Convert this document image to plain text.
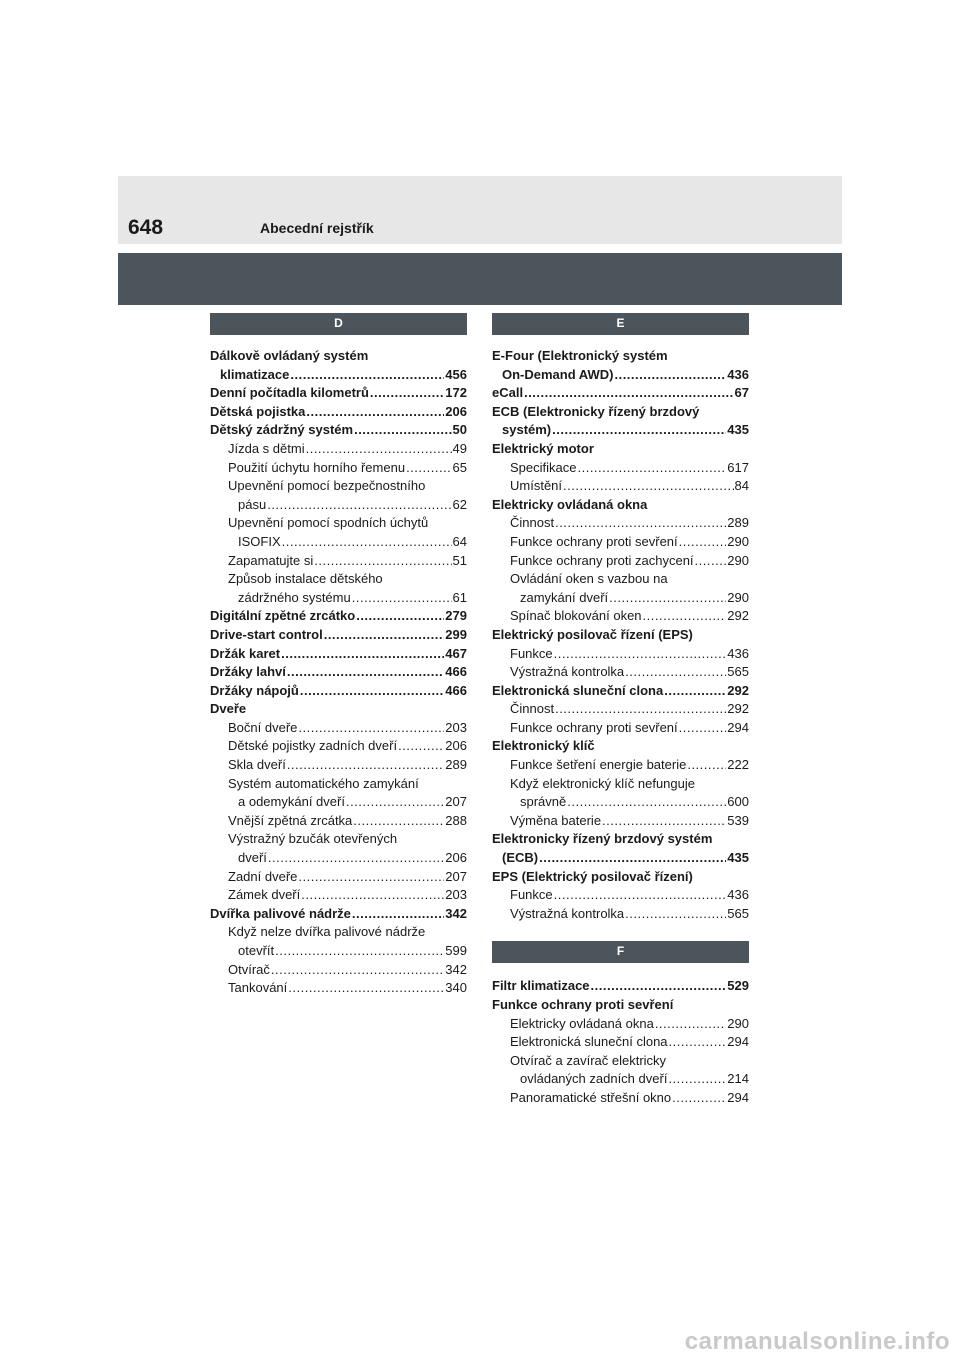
648	Abecední rejstřík
D
Dálkově ovládaný systém
klimatizace .....	456
Denní počítadla kilometrů .....	172
Dětská pojistka .....	206
Dětský zádržný systém .....	50
Jízda s dětmi .....	49
Použití úchytu horního řemenu .....	65
Upevnění pomocí bezpečnostního
pásu .....	62
Upevnění pomocí spodních úchytů
ISOFIX .....	64
Zapamatujte si .....	51
Způsob instalace dětského
zádržného systému .....	61
Digitální zpětné zrcátko .....	279
Drive-start control .....	299
Držák karet .....	467
Držáky lahví .....	466
Držáky nápojů .....	466
Dveře
Boční dveře .....	203
Dětské pojistky zadních dveří .....	206
Skla dveří .....	289
Systém automatického zamykání
a odemykání dveří .....	207
Vnější zpětná zrcátka .....	288
Výstražný bzučák otevřených
dveří .....	206
Zadní dveře .....	207
Zámek dveří .....	203
Dvířka palivové nádrže .....	342
Když nelze dvířka palivové nádrže
otevřít .....	599
Otvírač .....	342
Tankování .....	340
E
E-Four (Elektronický systém
On-Demand AWD) .....	436
eCall .....	67
ECB (Elektronicky řízený brzdový
systém) .....	435
Elektrický motor
Specifikace .....	617
Umístění .....	84
Elektricky ovládaná okna
Činnost .....	289
Funkce ochrany proti sevření .....	290
Funkce ochrany proti zachycení .....	290
Ovládání oken s vazbou na
zamykání dveří .....	290
Spínač blokování oken .....	292
Elektrický posilovač řízení (EPS)
Funkce .....	436
Výstražná kontrolka .....	565
Elektronická sluneční clona .....	292
Činnost .....	292
Funkce ochrany proti sevření .....	294
Elektronický klíč
Funkce šetření energie baterie .....	222
Když elektronický klíč nefunguje
správně .....	600
Výměna baterie .....	539
Elektronicky řízený brzdový systém
(ECB) .....	435
EPS (Elektrický posilovač řízení)
Funkce .....	436
Výstražná kontrolka .....	565
F
Filtr klimatizace .....	529
Funkce ochrany proti sevření
Elektricky ovládaná okna .....	290
Elektronická sluneční clona .....	294
Otvírač a zavírač elektricky
ovládaných zadních dveří .....	214
Panoramatické střešní okno .....	294
carmanualsonline.info
